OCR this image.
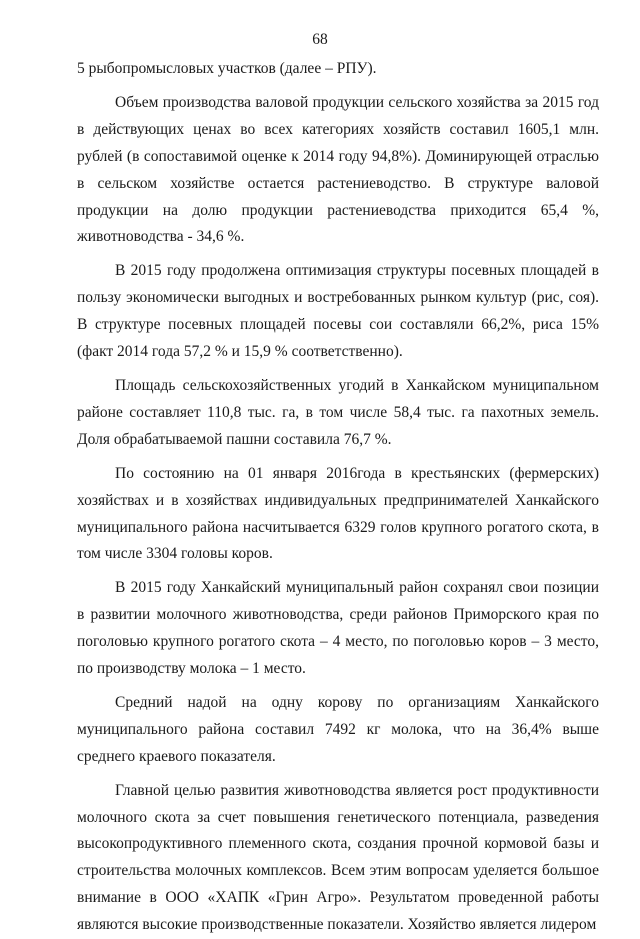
68

5 рыбопромысловых участков (далее – РПУ).

Объем производства валовой продукции сельского хозяйства за 2015 год в действующих ценах во всех категориях хозяйств составил 1605,1 млн. рублей (в сопоставимой оценке к 2014 году 94,8%). Доминирующей отраслью в сельском хозяйстве остается растениеводство. В структуре валовой продукции на долю продукции растениеводства приходится 65,4 %, животноводства - 34,6 %.

В 2015 году продолжена оптимизация структуры посевных площадей в пользу экономически выгодных и востребованных рынком культур (рис, соя). В структуре посевных площадей посевы сои составляли 66,2%, риса 15% (факт 2014 года 57,2 % и 15,9 % соответственно).

Площадь сельскохозяйственных угодий в Ханкайском муниципальном районе составляет 110,8 тыс. га, в том числе 58,4 тыс. га пахотных земель. Доля обрабатываемой пашни составила 76,7 %.

По состоянию на 01 января 2016года в крестьянских (фермерских) хозяйствах и в хозяйствах индивидуальных предпринимателей Ханкайского муниципального района насчитывается 6329 голов крупного рогатого скота, в том числе 3304 головы коров.

В 2015 году Ханкайский муниципальный район сохранял свои позиции в развитии молочного животноводства, среди районов Приморского края по поголовью крупного рогатого скота – 4 место, по поголовью коров – 3 место, по производству молока – 1 место.

Средний надой на одну корову по организациям Ханкайского муниципального района составил 7492 кг молока, что на 36,4% выше среднего краевого показателя.

Главной целью развития животноводства является рост продуктивности молочного скота за счет повышения генетического потенциала, разведения высокопродуктивного племенного скота, создания прочной кормовой базы и строительства молочных комплексов. Всем этим вопросам уделяется большое внимание в ООО «ХАПК «Грин Агро». Результатом проведенной работы являются высокие производственные показатели. Хозяйство является лидером
